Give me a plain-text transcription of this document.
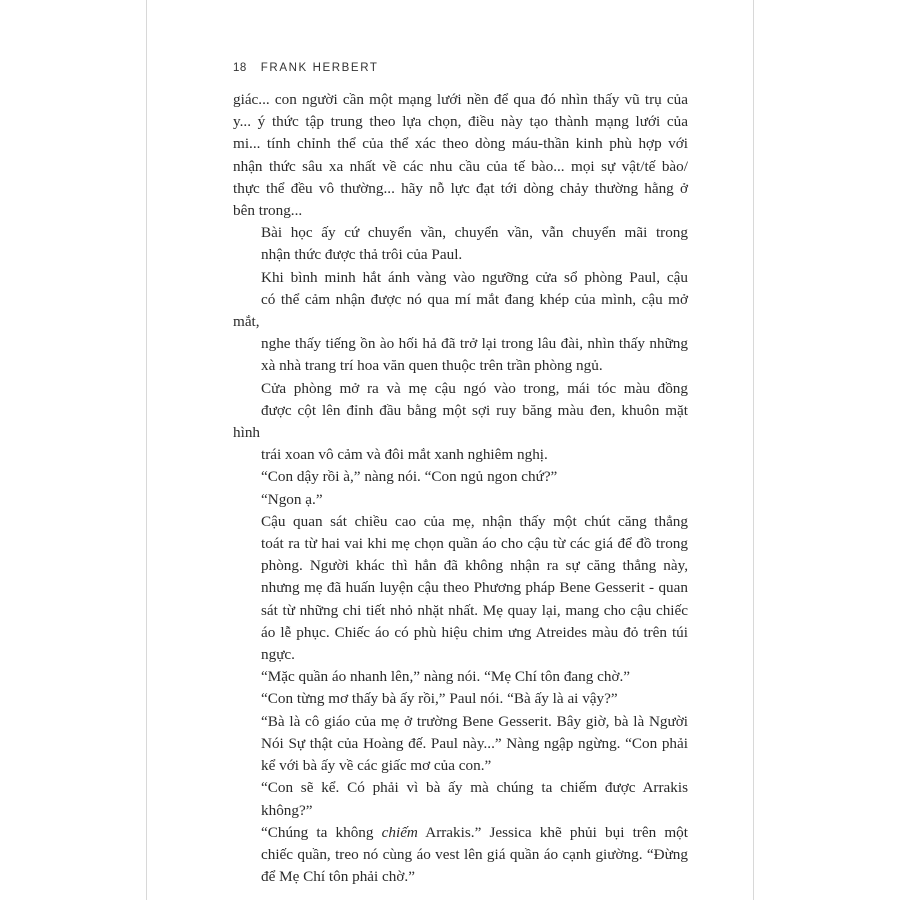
18 FRANK HERBERT

giác... con người cần một mạng lưới nền để qua đó nhìn thấy vũ trụ của
y... ý thức tập trung theo lựa chọn, điều này tạo thành mạng lưới của
mi... tính chỉnh thể của thể xác theo dòng máu-thần kinh phù hợp với
nhận thức sâu xa nhất về các nhu cầu của tế bào... mọi sự vật/tế bào/
thực thể đều vô thường... hãy nỗ lực đạt tới dòng chảy thường hằng ở
bên trong...

Bài học ấy cứ chuyển vần, chuyển vần, vẫn chuyển mãi trong
nhận thức được thả trôi của Paul.

Khi bình minh hắt ánh vàng vào ngưỡng cửa sổ phòng Paul, cậu
có thể cảm nhận được nó qua mí mắt đang khép của mình, cậu mở mắt,
nghe thấy tiếng ồn ào hối hả đã trở lại trong lâu đài, nhìn thấy những
xà nhà trang trí hoa văn quen thuộc trên trần phòng ngủ.

Cửa phòng mở ra và mẹ cậu ngó vào trong, mái tóc màu đồng
được cột lên đỉnh đầu bằng một sợi ruy băng màu đen, khuôn mặt hình
trái xoan vô cảm và đôi mắt xanh nghiêm nghị.

“Con dậy rồi à,” nàng nói. “Con ngủ ngon chứ?”

“Ngon ạ.”

Cậu quan sát chiều cao của mẹ, nhận thấy một chút căng thẳng
toát ra từ hai vai khi mẹ chọn quần áo cho cậu từ các giá để đồ trong
phòng. Người khác thì hẳn đã không nhận ra sự căng thẳng này,
nhưng mẹ đã huấn luyện cậu theo Phương pháp Bene Gesserit - quan
sát từ những chi tiết nhỏ nhặt nhất. Mẹ quay lại, mang cho cậu chiếc
áo lễ phục. Chiếc áo có phù hiệu chim ưng Atreides màu đỏ trên túi
ngực.

“Mặc quần áo nhanh lên,” nàng nói. “Mẹ Chí tôn đang chờ.”

“Con từng mơ thấy bà ấy rồi,” Paul nói. “Bà ấy là ai vậy?”

“Bà là cô giáo của mẹ ở trường Bene Gesserit. Bây giờ, bà là Người
Nói Sự thật của Hoàng đế. Paul này...” Nàng ngập ngừng. “Con phải
kể với bà ấy về các giấc mơ của con.”

“Con sẽ kể. Có phải vì bà ấy mà chúng ta chiếm được Arrakis
không?”

“Chúng ta không chiếm Arrakis.” Jessica khẽ phủi bụi trên một
chiếc quần, treo nó cùng áo vest lên giá quần áo cạnh giường. “Đừng
để Mẹ Chí tôn phải chờ.”
